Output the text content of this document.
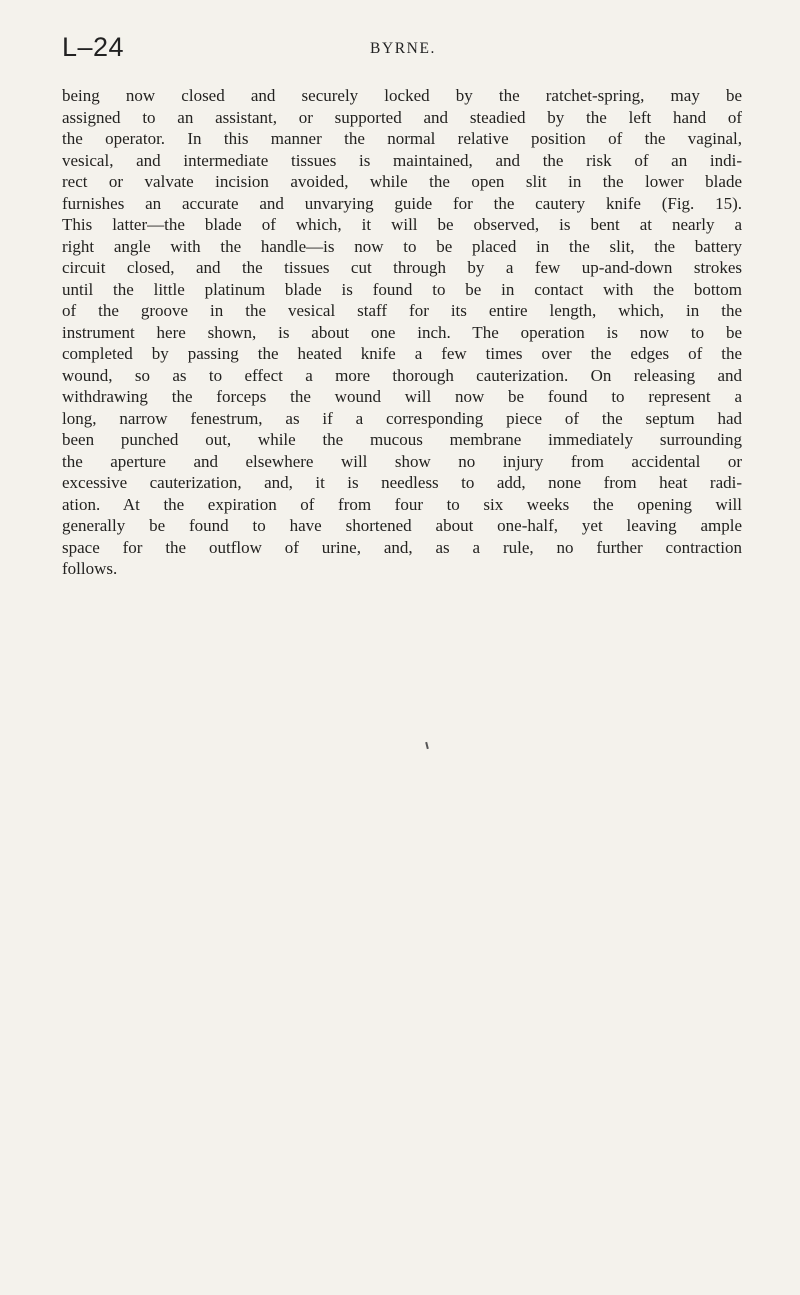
L–24	BYRNE.
being now closed and securely locked by the ratchet-spring, may be
assigned to an assistant, or supported and steadied by the left hand of
the operator. In this manner the normal relative position of the vaginal,
vesical, and intermediate tissues is maintained, and the risk of an indi-
rect or valvate incision avoided, while the open slit in the lower blade
furnishes an accurate and unvarying guide for the cautery knife (Fig. 15).
This latter—the blade of which, it will be observed, is bent at nearly a
right angle with the handle—is now to be placed in the slit, the battery
circuit closed, and the tissues cut through by a few up-and-down strokes
until the little platinum blade is found to be in contact with the bottom
of the groove in the vesical staff for its entire length, which, in the
instrument here shown, is about one inch. The operation is now to be
completed by passing the heated knife a few times over the edges of the
wound, so as to effect a more thorough cauterization. On releasing and
withdrawing the forceps the wound will now be found to represent a
long, narrow fenestrum, as if a corresponding piece of the septum had
been punched out, while the mucous membrane immediately surrounding
the aperture and elsewhere will show no injury from accidental or
excessive cauterization, and, it is needless to add, none from heat radi-
ation. At the expiration of from four to six weeks the opening will
generally be found to have shortened about one-half, yet leaving ample
space for the outflow of urine, and, as a rule, no further contraction
follows.
